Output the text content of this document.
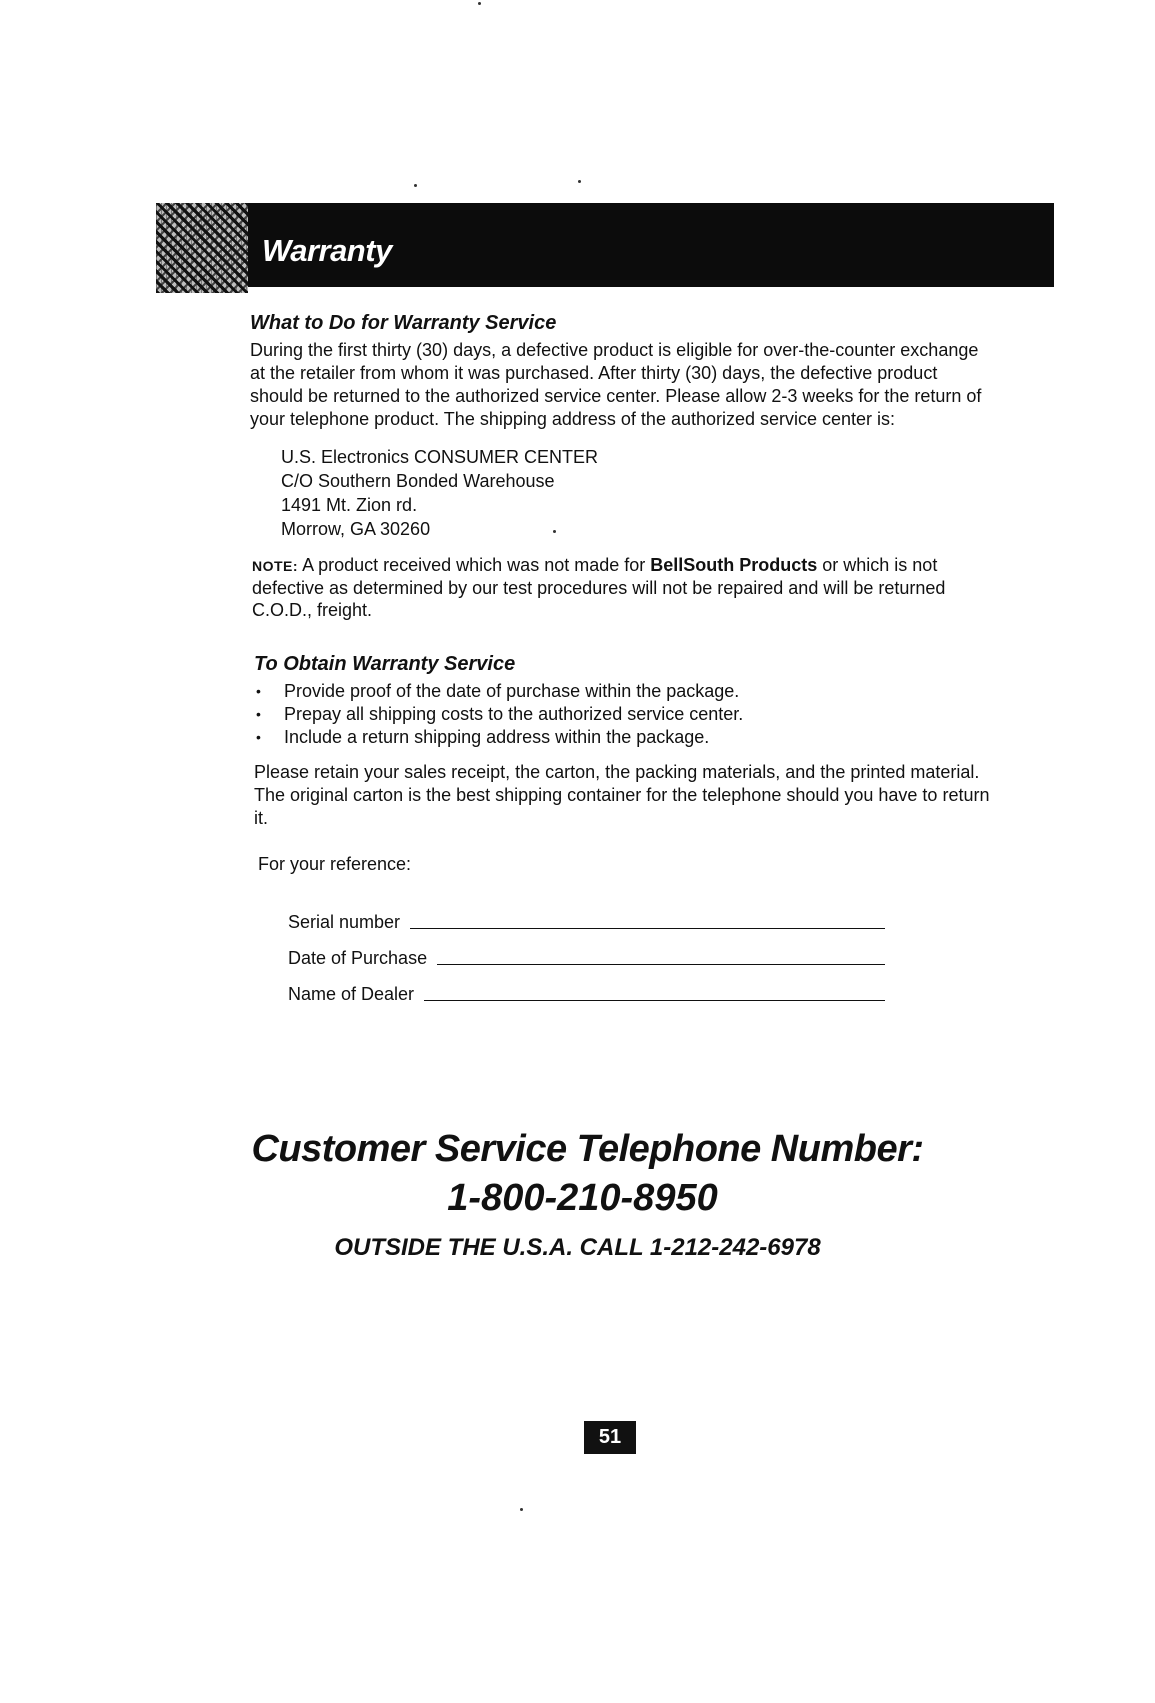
Warranty
What to Do for Warranty Service

During the first thirty (30) days, a defective product is eligible for over-the-counter exchange at the retailer from whom it was purchased. After thirty (30) days, the defective product should be returned to the authorized service center. Please allow 2-3 weeks for the return of your telephone product. The shipping address of the authorized service center is:

U.S. Electronics CONSUMER CENTER
C/O Southern Bonded Warehouse
1491 Mt. Zion rd.
Morrow, GA 30260

NOTE: A product received which was not made for BellSouth Products or which is not defective as determined by our test procedures will not be repaired and will be returned C.O.D., freight.

To Obtain Warranty Service
• Provide proof of the date of purchase within the package.
• Prepay all shipping costs to the authorized service center.
• Include a return shipping address within the package.

Please retain your sales receipt, the carton, the packing materials, and the printed material. The original carton is the best shipping container for the telephone should you have to return it.

For your reference:
Serial number
Date of Purchase
Name of Dealer
Customer Service Telephone Number:
1-800-210-8950
OUTSIDE THE U.S.A. CALL 1-212-242-6978
51
